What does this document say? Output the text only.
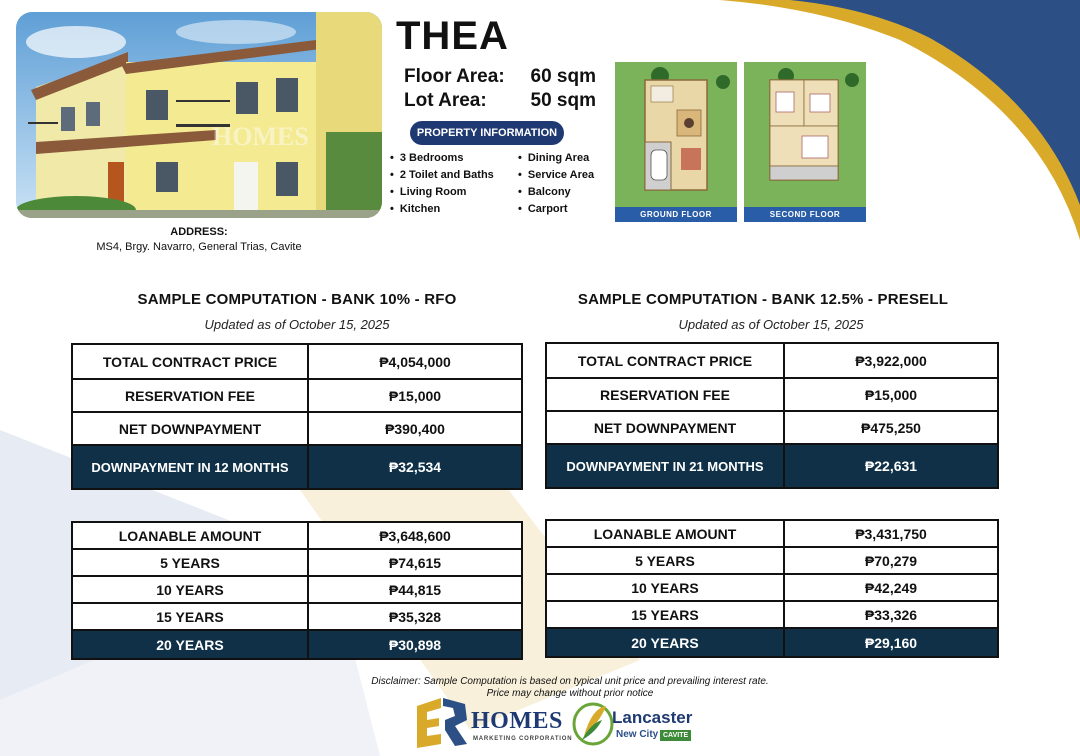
HOMES
ADDRESS:
MS4, Brgy. Navarro, General Trias, Cavite
THEA
Floor Area: 60 sqm
Lot Area: 50 sqm
PROPERTY INFORMATION
• 3 Bedrooms
• 2 Toilet and Baths
• Living Room
• Kitchen
• Dining Area
• Service Area
• Balcony
• Carport	GROUND FLOOR	SECOND FLOOR
SAMPLE COMPUTATION - BANK 10% - RFO
Updated as of October 15, 2025
TOTAL CONTRACT PRICE	₱4,054,000
RESERVATION FEE	₱15,000
NET DOWNPAYMENT	₱390,400
DOWNPAYMENT IN 12 MONTHS	₱32,534
LOANABLE AMOUNT	₱3,648,600
5 YEARS	₱74,615
10 YEARS	₱44,815
15 YEARS	₱35,328
20 YEARS	₱30,898
SAMPLE COMPUTATION - BANK 12.5% - PRESELL
Updated as of October 15, 2025
TOTAL CONTRACT PRICE	₱3,922,000
RESERVATION FEE	₱15,000
NET DOWNPAYMENT	₱475,250
DOWNPAYMENT IN 21 MONTHS	₱22,631
LOANABLE AMOUNT	₱3,431,750
5 YEARS	₱70,279
10 YEARS	₱42,249
15 YEARS	₱33,326
20 YEARS	₱29,160
Disclaimer: Sample Computation is based on typical unit price and prevailing interest rate.
Price may change without prior notice
HOMES
MARKETING CORPORATION
Lancaster
New City CAVITE
